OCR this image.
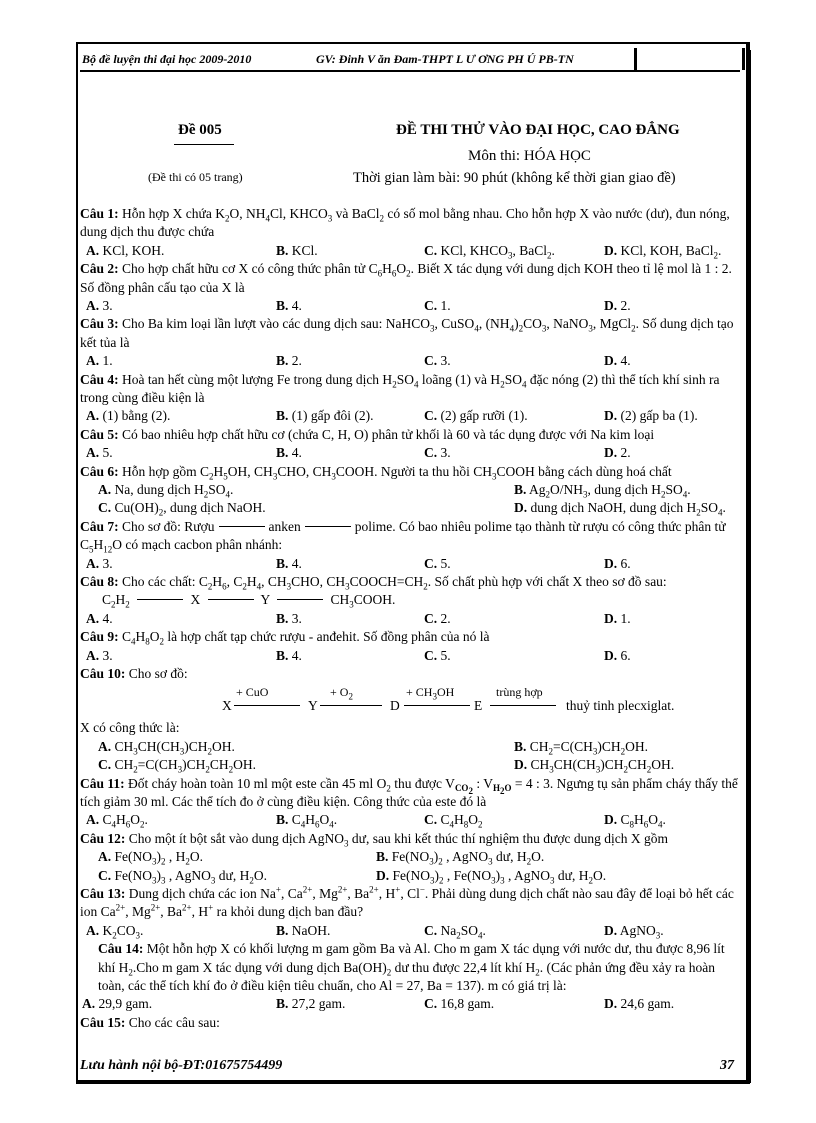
Bộ đề luyện thi đại học 2009-2010	GV: Đinh V ăn Đam-THPT L Ư ƠNG PH Ú PB-TN
Đề 005
(Đề thi có 05 trang)
ĐỀ THI THỬ VÀO ĐẠI HỌC, CAO ĐẲNG
Môn thi: HÓA HỌC
Thời gian làm bài: 90 phút (không kể thời gian giao đề)

Câu 1: Hỗn hợp X chứa $K_2O$, $NH_4Cl$, $KHCO_3$ và BaCl$_2$ có số mol bằng nhau. Cho hỗn hợp X vào nước (dư), đun nóng, dung dịch thu được chứa

A. KCl, KOH.	B. KCl.	C. KCl, $KHCO_3$, BaCl$_2$.	D. KCl, KOH, BaCl$_2$.

Câu 2: Cho hợp chất hữu cơ X có công thức phân tử $C_6H_6O_2$. Biết X tác dụng với dung dịch KOH theo tỉ lệ mol là 1 : 2. Số đồng phân cấu tạo của X là

A. 3.	B. 4.	C. 1.	D. 2.

Câu 3: Cho Ba kim loại lần lượt vào các dung dịch sau: NaHCO$_3$, CuSO$_4$, $(NH_4)_2CO_3$, NaNO$_3$, MgCl$_2$. Số dung dịch tạo kết tủa là

A. 1.	B. 2.	C. 3.	D. 4.

Câu 4: Hoà tan hết cùng một lượng Fe trong dung dịch $H_2SO_4$ loãng (1) và $H_2SO_4$ đặc nóng (2) thì thể tích khí sinh ra trong cùng điều kiện là

A. (1) bằng (2).	B. (1) gấp đôi (2).	C. (2) gấp rưỡi (1).	D. (2) gấp ba (1).

Câu 5: Có bao nhiêu hợp chất hữu cơ (chứa C, H, O) phân tử khối là 60 và tác dụng được với Na kim loại

A. 5.	B. 4.	C. 3.	D. 2.

Câu 6: Hỗn hợp gồm $C_2H_5OH$, $CH_3CHO$, $CH_3COOH$. Người ta thu hồi $CH_3COOH$ bằng cách dùng hoá chất

A. Na, dung dịch $H_2SO_4$.	B. $Ag_2O/NH_3$, dung dịch $H_2SO_4$.
C. $Cu(OH)_2$, dung dịch NaOH.	D. dung dịch NaOH, dung dịch $H_2SO_4$.

Câu 7: Cho sơ đồ: Rượu	anken	polime. Có bao nhiêu polime tạo thành từ rượu có công thức phân tử $C_5H_{12}O$ có mạch cacbon phân nhánh:

A. 3.	B. 4.	C. 5.	D. 6.

Câu 8: Cho các chất: $C_2H_6$, $C_2H_4$, $CH_3CHO$, $CH_3COOCH=CH_2$. Số chất phù hợp với chất X theo sơ đồ sau:

$C_2H_2$	X	Y	$CH_3COOH$.

A. 4.	B. 3.	C. 2.	D. 1.

Câu 9: $C_4H_8O_2$ là hợp chất tạp chức rượu - anđehit. Số đồng phân của nó là

A. 3.	B. 4.	C. 5.	D. 6.

Câu 10: Cho sơ đồ:

X
+ CuO
Y
+ $O_2$
D
+ $CH_3OH$
E
trùng hợp
thuỷ tinh plecxiglat.

X có công thức là:

A. $CH_3CH(CH_3)CH_2OH$.	B. $CH_2=C(CH_3)CH_2OH$.
C. $CH_2=C(CH_3)CH_2CH_2OH$.	D. $CH_3CH(CH_3)CH_2CH_2OH$.

Câu 11: Đốt cháy hoàn toàn 10 ml một este cần 45 ml $O_2$ thu được $V_{CO_2}$ : $V_{H_2O} = 4$ : 3. Ngưng tụ sản phẩm cháy thấy thể tích giảm 30 ml. Các thể tích đo ở cùng điều kiện. Công thức của este đó là

A. $C_4H_6O_2$.	B. $C_4H_6O_4$.	C. $C_4H_8O_2$	D. $C_8H_6O_4$.

Câu 12: Cho một ít bột sắt vào dung dịch AgNO$_3$ dư, sau khi kết thúc thí nghiệm thu được dung dịch X gồm

A. $Fe(NO_3)_2$ , $H_2O$.	B. $Fe(NO_3)_2$ , AgNO$_3$ dư, $H_2O$.
C. $Fe(NO_3)_3$ , AgNO$_3$ dư, $H_2O$.	D. $Fe(NO_3)_2$ , $Fe(NO_3)_3$ , AgNO$_3$ dư, $H_2O$.

Câu 13: Dung dịch chứa các ion Na+, $Ca^{2+}$, $Mg^{2+}$, $Ba^{2+}$, H+, Cl−. Phải dùng dung dịch chất nào sau đây để loại bỏ hết các ion $Ca^{2+}$, $Mg^{2+}$, $Ba^{2+}$, H+ ra khỏi dung dịch ban đầu?

A. $K_2CO_3$.	B. NaOH.	C. $Na_2SO_4$.	D. AgNO$_3$.

Câu 14: Một hỗn hợp X có khối lượng m gam gồm Ba và Al. Cho m gam X tác dụng với nước dư, thu được 8,96 lít khí $H_2.Cho$ m gam X tác dụng với dung dịch $Ba(OH)_2$ dư thu được 22,4 lít khí $H_2$. (Các phản ứng đều xảy ra hoàn toàn, các thể tích khí đo ở điều kiện tiêu chuẩn, cho Al = 27, Ba = 137). m có giá trị là:

A. 29,9 gam.	B. 27,2 gam.	C. 16,8 gam.	D. 24,6 gam.

Câu 15: Cho các câu sau:

Lưu hành nội bộ-ĐT:01675754499	37
